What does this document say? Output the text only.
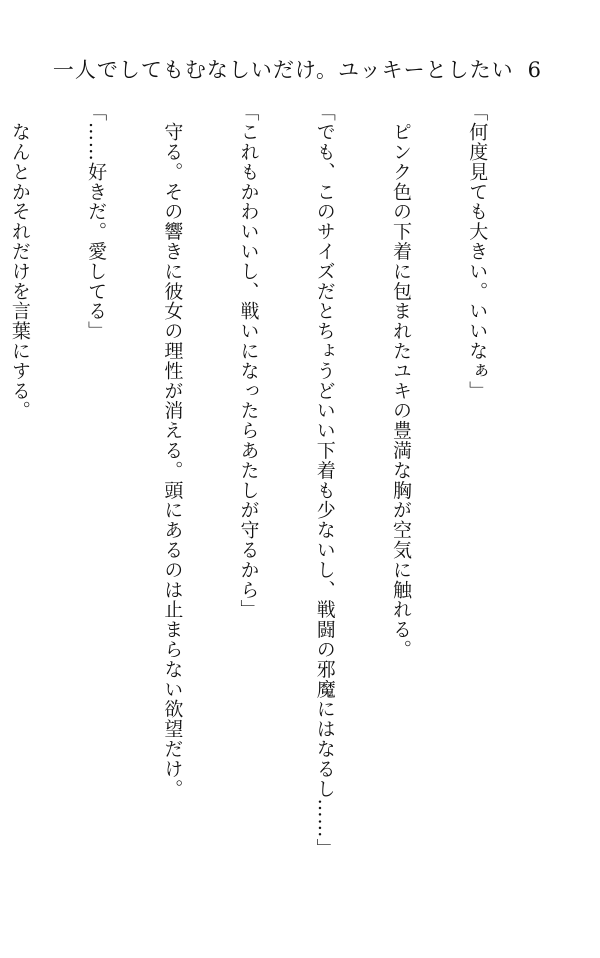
一人でしてもむなしいだけ。ユッキーとしたい 6

「何度見ても大きい。いいなぁ」

　ピンク色の下着に包まれたユキの豊満な胸が空気に触れる。

「でも、このサイズだとちょうどいい下着も少ないし、戦闘の邪魔にはなるし……」

「これもかわいいし、戦いになったらあたしが守るから」

　守る。その響きに彼女の理性が消える。頭にあるのは止まらない欲望だけ。

「……好きだ。愛してる」

　なんとかそれだけを言葉にする。
